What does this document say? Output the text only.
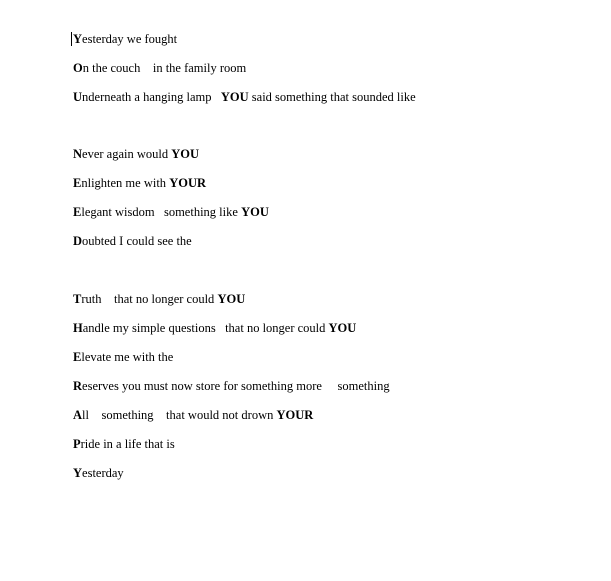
Yesterday we fought
On the couch    in the family room
Underneath a hanging lamp   YOU said something that sounded like
Never again would YOU
Enlighten me with YOUR
Elegant wisdom   something like YOU
Doubted I could see the
Truth    that no longer could YOU
Handle my simple questions   that no longer could YOU
Elevate me with the
Reserves you must now store for something more     something
All    something    that would not drown YOUR
Pride in a life that is
Yesterday
